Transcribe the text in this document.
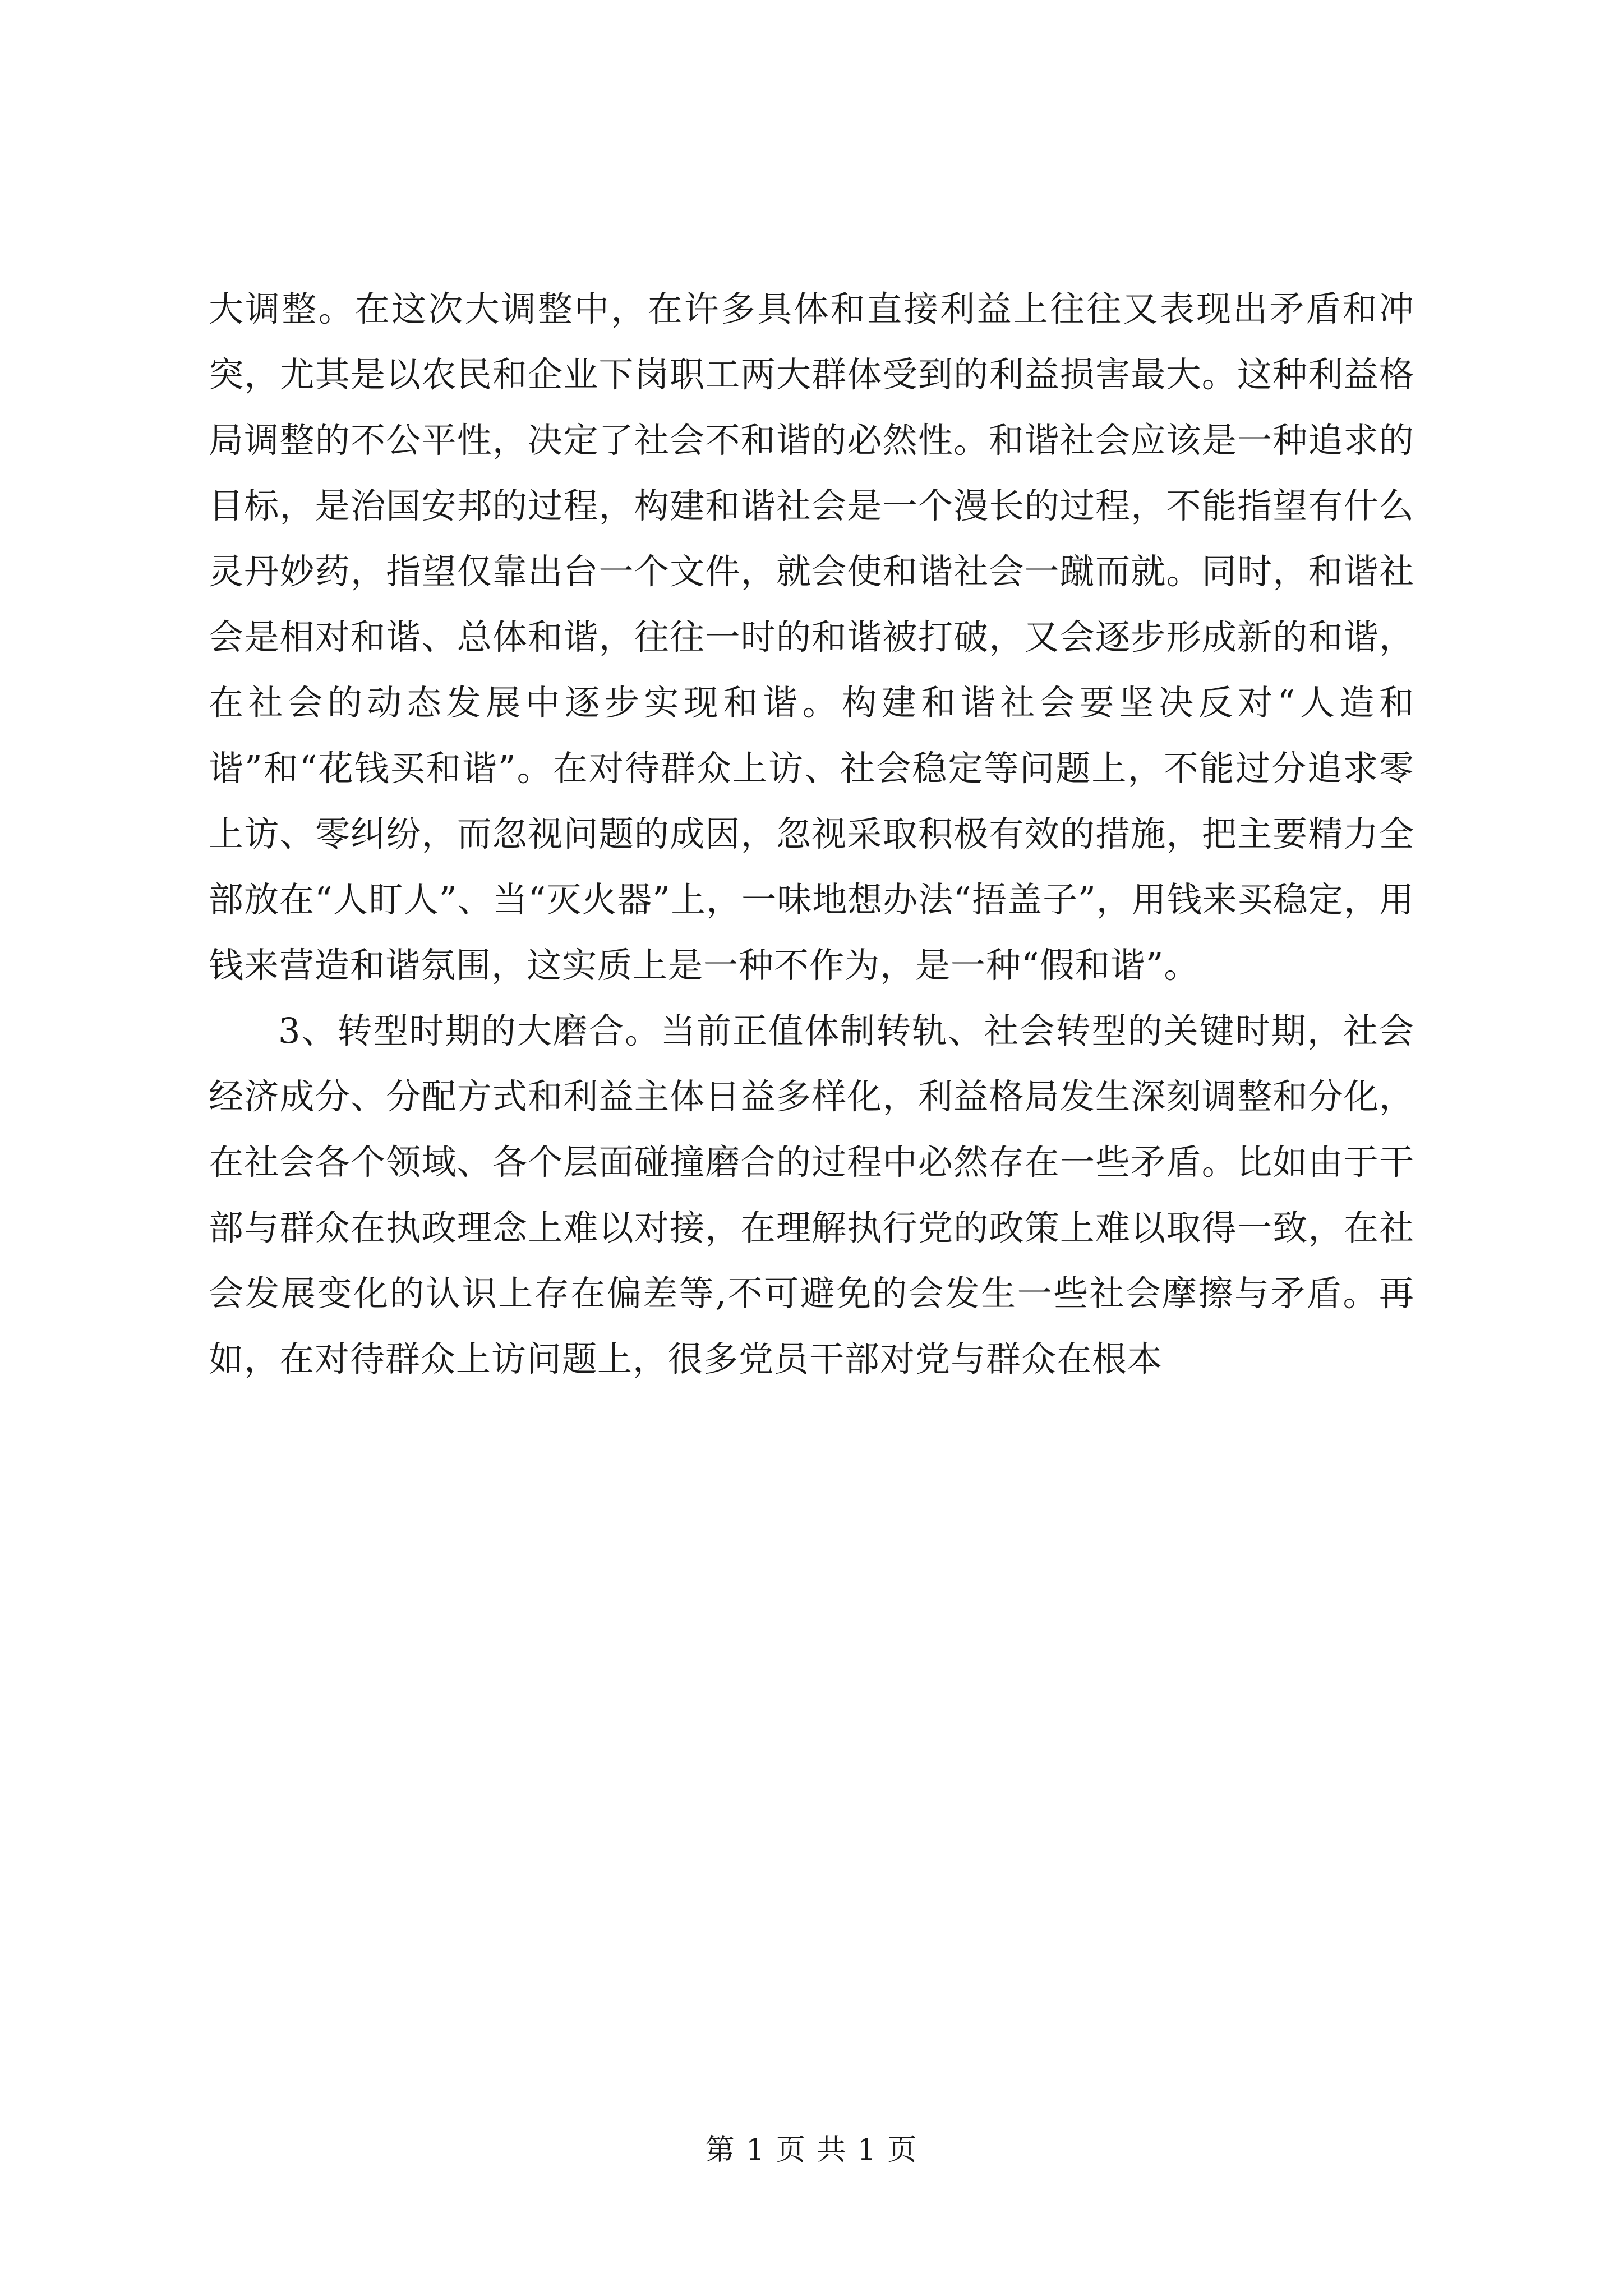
大调整。在这次大调整中，在许多具体和直接利益上往往又表现出矛盾和冲突，尤其是以农民和企业下岗职工两大群体受到的利益损害最大。这种利益格局调整的不公平性，决定了社会不和谐的必然性。和谐社会应该是一种追求的目标，是治国安邦的过程，构建和谐社会是一个漫长的过程，不能指望有什么灵丹妙药，指望仅靠出台一个文件，就会使和谐社会一蹴而就。同时，和谐社会是相对和谐、总体和谐，往往一时的和谐被打破，又会逐步形成新的和谐，在社会的动态发展中逐步实现和谐。构建和谐社会要坚决反对“人造和谐”和“花钱买和谐”。在对待群众上访、社会稳定等问题上，不能过分追求零上访、零纠纷，而忽视问题的成因，忽视采取积极有效的措施，把主要精力全部放在“人盯人”、当“灭火器”上，一味地想办法“捂盖子”，用钱来买稳定，用钱来营造和谐氛围，这实质上是一种不作为，是一种“假和谐”。

3、转型时期的大磨合。当前正值体制转轨、社会转型的关键时期，社会经济成分、分配方式和利益主体日益多样化，利益格局发生深刻调整和分化，在社会各个领域、各个层面碰撞磨合的过程中必然存在一些矛盾。比如由于干部与群众在执政理念上难以对接，在理解执行党的政策上难以取得一致，在社会发展变化的认识上存在偏差等,不可避免的会发生一些社会摩擦与矛盾。再如，在对待群众上访问题上，很多党员干部对党与群众在根本

第 1 页 共 1 页
